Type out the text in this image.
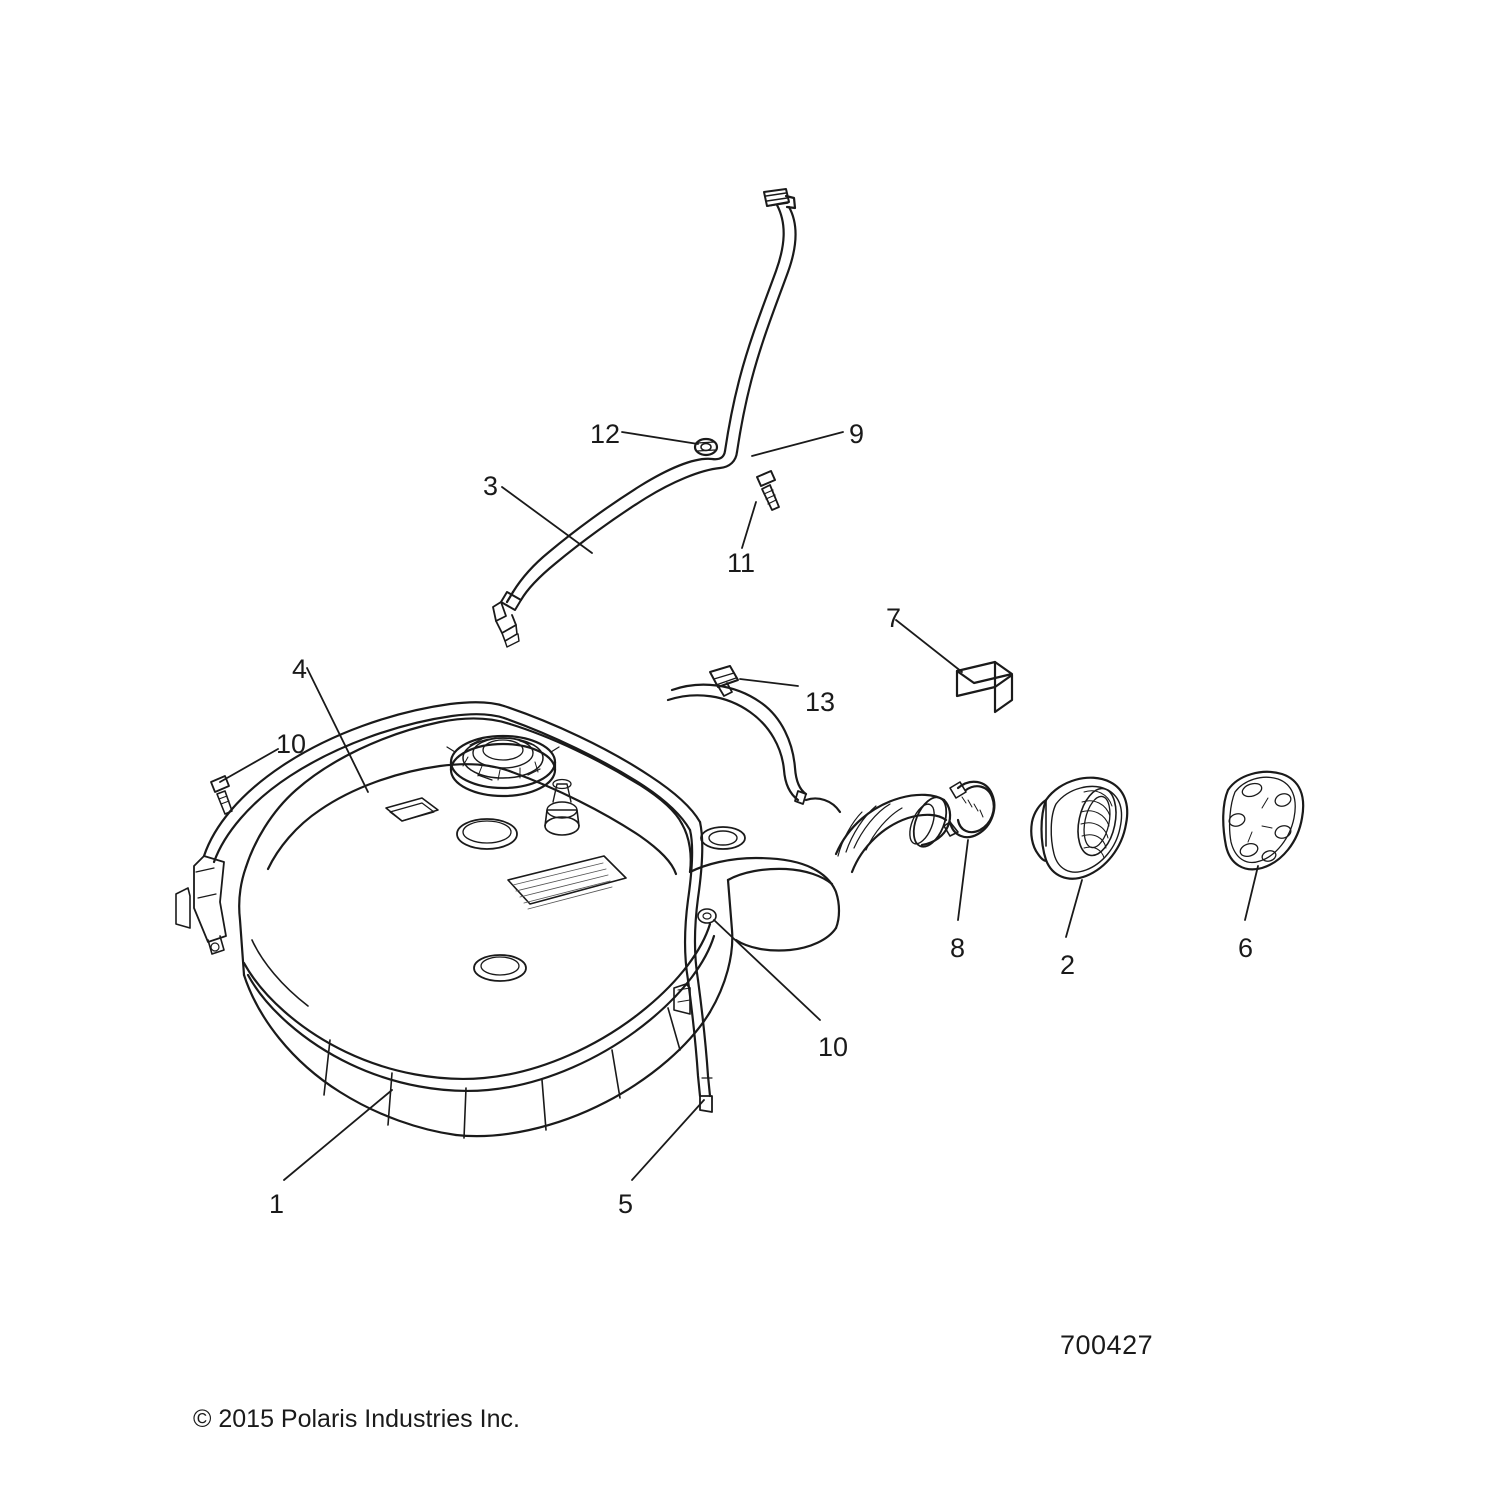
12	9
3
11
7
4
13
10
8
2
6
10
1	5
700427
© 2015 Polaris Industries Inc.
